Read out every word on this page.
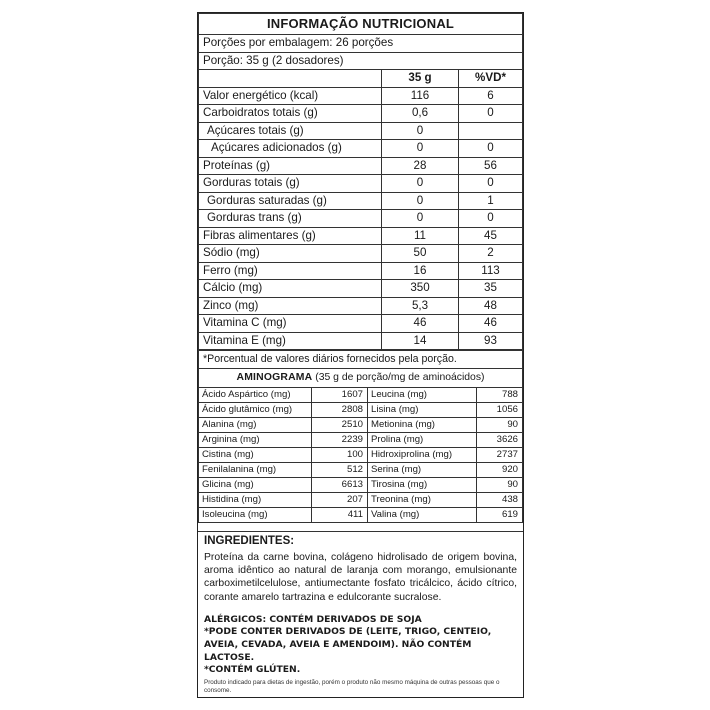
INFORMAÇÃO NUTRICIONAL		
Porções por embalagem: 26 porções		
Porção: 35 g (2 dosadores)		
	35 g	%VD*
Valor energético (kcal)	116	6
Carboidratos totais (g)	0,6	0
Açúcares totais (g)	0	
Açúcares adicionados (g)	0	0
Proteínas (g)	28	56
Gorduras totais (g)	0	0
Gorduras saturadas (g)	0	1
Gorduras trans (g)	0	0
Fibras alimentares (g)	11	45
Sódio (mg)	50	2
Ferro (mg)	16	113
Cálcio (mg)	350	35
Zinco (mg)	5,3	48
Vitamina C (mg)	46	46
Vitamina E (mg)	14	93
*Porcentual de valores diários fornecidos pela porção.
AMINOGRAMA (35 g de porção/mg de aminoácidos)
Ácido Aspártico (mg)	1607	Leucina (mg)	788
Ácido glutâmico (mg)	2808	Lisina (mg)	1056
Alanina (mg)	2510	Metionina (mg)	90
Arginina (mg)	2239	Prolina (mg)	3626
Cistina (mg)	100	Hidroxiprolina (mg)	2737
Fenilalanina (mg)	512	Serina (mg)	920
Glicina (mg)	6613	Tirosina (mg)	90
Histidina (mg)	207	Treonina (mg)	438
Isoleucina (mg)	411	Valina (mg)	619
INGREDIENTES:
Proteína da carne bovina, colágeno hidrolisado de origem bovina, aroma idêntico ao natural de laranja com morango, emulsionante carboximetilcelulose, antiumectante fosfato tricálcico, ácido cítrico, corante amarelo tartrazina e edulcorante sucralose.
ALÉRGICOS: CONTÉM DERIVADOS DE SOJA
*PODE CONTER DERIVADOS DE (LEITE, TRIGO, CENTEIO, AVEIA, CEVADA, AVEIA E AMENDOIM). NÃO CONTÉM LACTOSE.
*CONTÉM GLÚTEN.
Produto indicado para dietas de ingestão, porém o produto não mesmo máquina de outras pessoas que o consome.
